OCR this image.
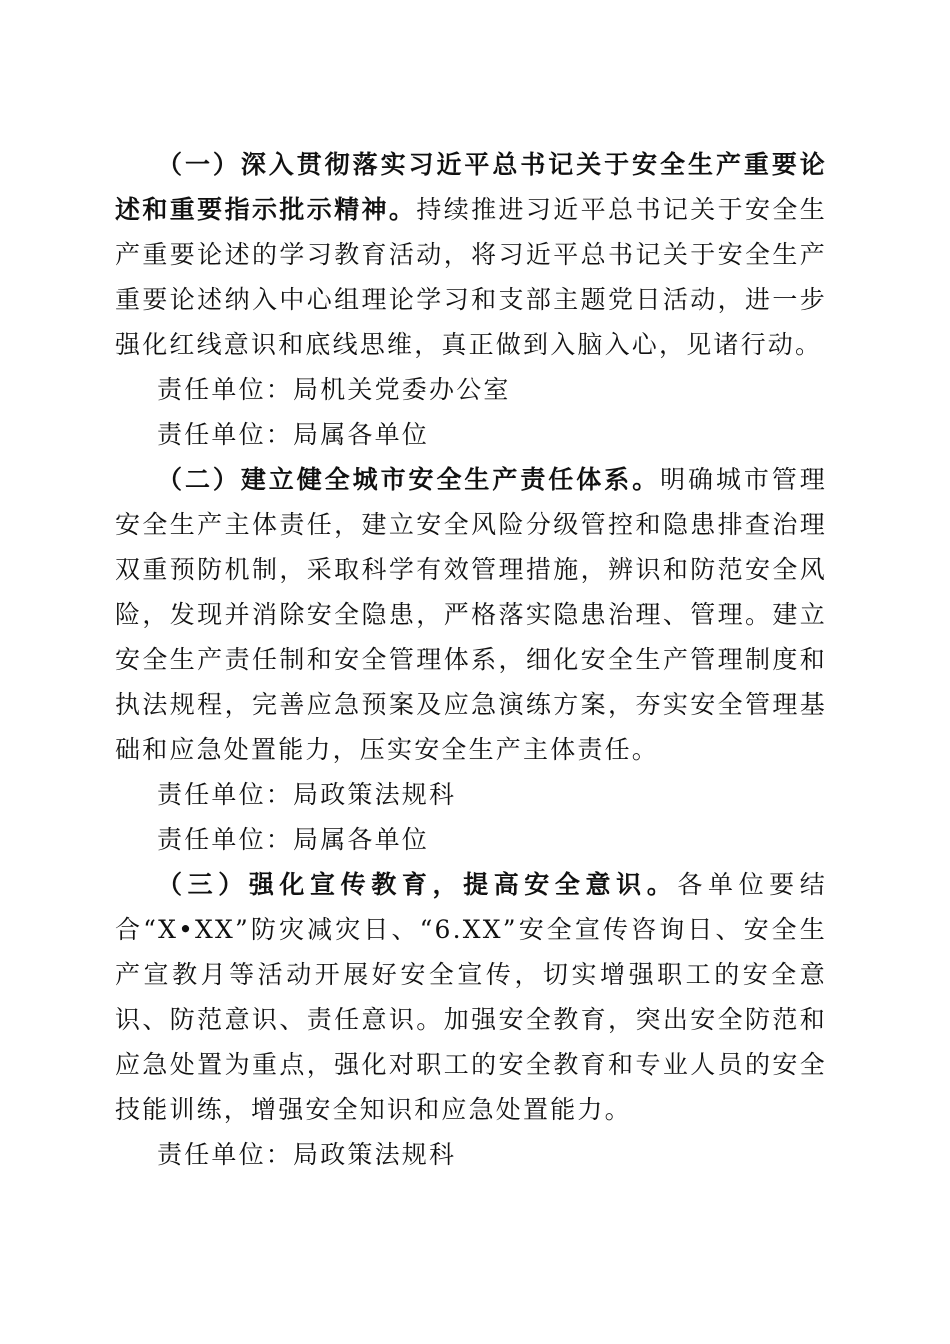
（一）深入贯彻落实习近平总书记关于安全生产重要论述和重要指示批示精神。持续推进习近平总书记关于安全生产重要论述的学习教育活动，将习近平总书记关于安全生产重要论述纳入中心组理论学习和支部主题党日活动，进一步强化红线意识和底线思维，真正做到入脑入心，见诸行动。

责任单位：局机关党委办公室

责任单位：局属各单位

（二）建立健全城市安全生产责任体系。明确城市管理安全生产主体责任，建立安全风险分级管控和隐患排查治理双重预防机制，采取科学有效管理措施，辨识和防范安全风险，发现并消除安全隐患，严格落实隐患治理、管理。建立安全生产责任制和安全管理体系，细化安全生产管理制度和执法规程，完善应急预案及应急演练方案，夯实安全管理基础和应急处置能力，压实安全生产主体责任。

责任单位：局政策法规科

责任单位：局属各单位

（三）强化宣传教育，提高安全意识。各单位要结合“X•XX”防灾减灾日、“6.XX”安全宣传咨询日、安全生产宣教月等活动开展好安全宣传，切实增强职工的安全意识、防范意识、责任意识。加强安全教育，突出安全防范和应急处置为重点，强化对职工的安全教育和专业人员的安全技能训练，增强安全知识和应急处置能力。

责任单位：局政策法规科
